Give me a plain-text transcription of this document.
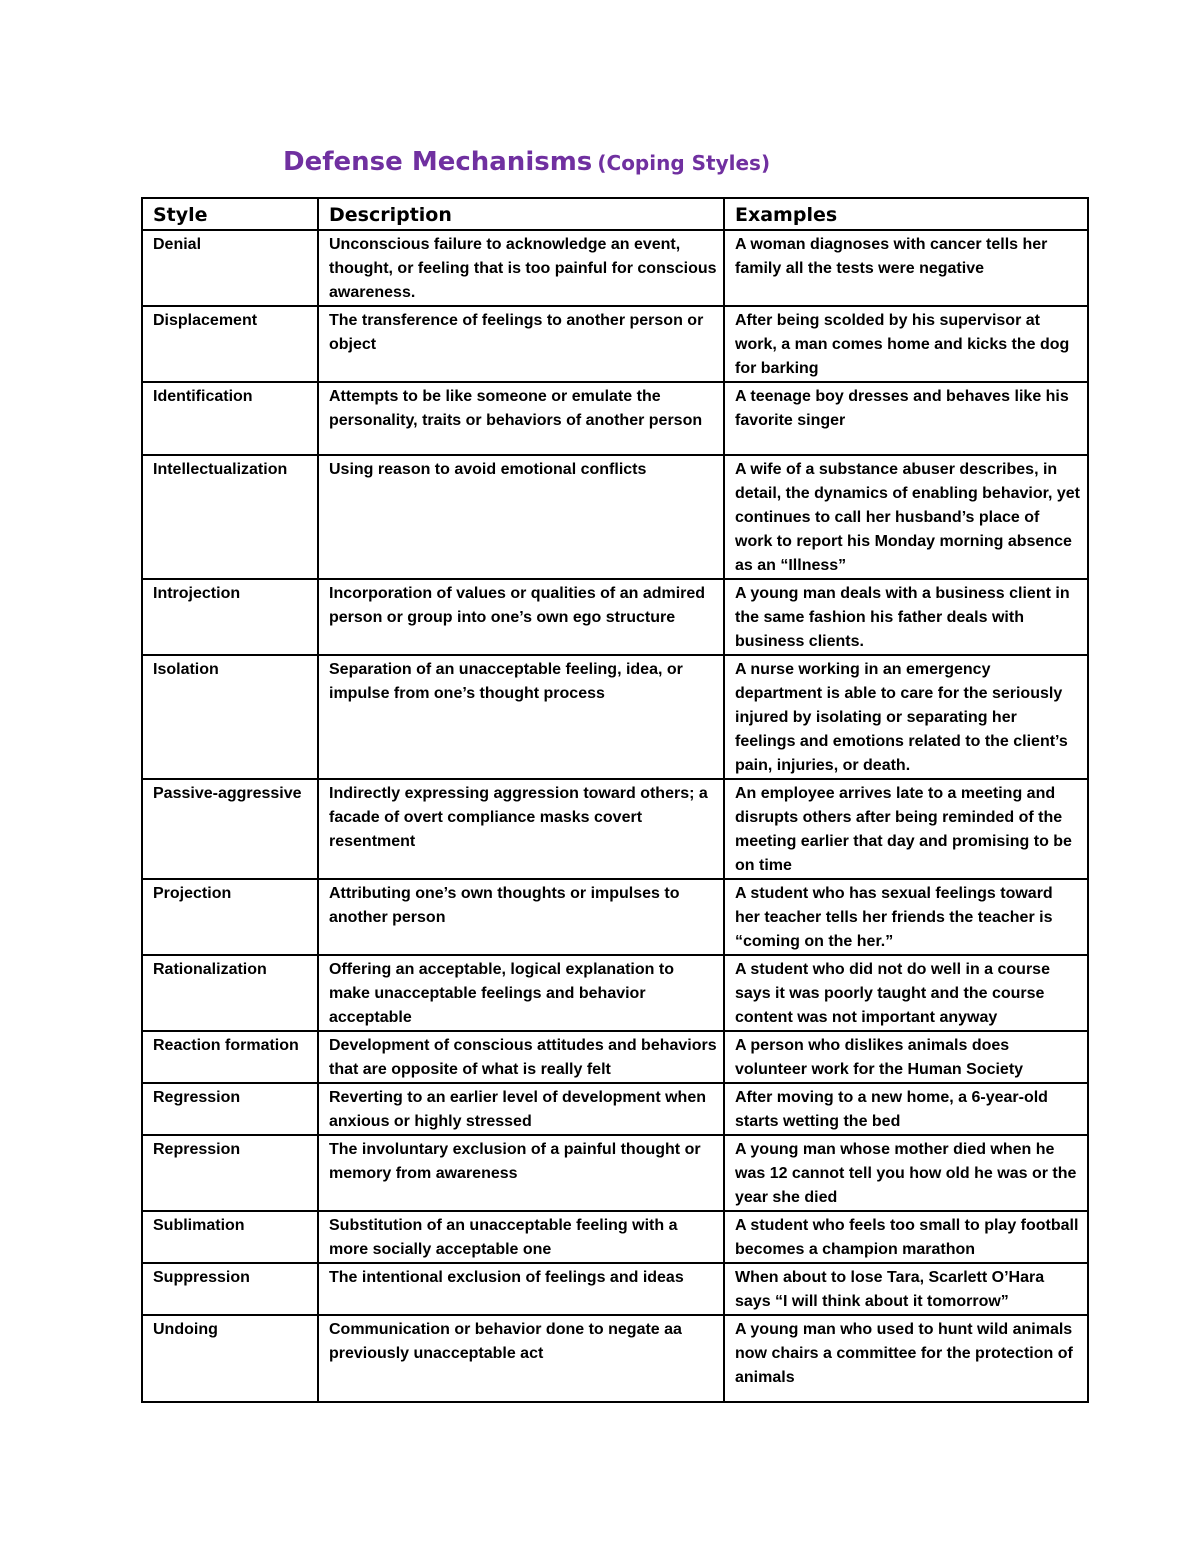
Defense Mechanisms (Coping Styles)
Style	Description	Examples
Denial	Unconscious failure to acknowledge an event, thought, or feeling that is too painful for conscious awareness.	A woman diagnoses with cancer tells her family all the tests were negative
Displacement	The transference of feelings to another person or object	After being scolded by his supervisor at work, a man comes home and kicks the dog for barking
Identification	Attempts to be like someone or emulate the personality, traits or behaviors of another person	A teenage boy dresses and behaves like his favorite singer
Intellectualization	Using reason to avoid emotional conflicts	A wife of a substance abuser describes, in detail, the dynamics of enabling behavior, yet continues to call her husband’s place of work to report his Monday morning absence as an “Illness”
Introjection	Incorporation of values or qualities of an admired person or group into one’s own ego structure	A young man deals with a business client in the same fashion his father deals with business clients.
Isolation	Separation of an unacceptable feeling, idea, or impulse from one’s thought process	A nurse working in an emergency department is able to care for the seriously injured by isolating or separating her feelings and emotions related to the client’s pain, injuries, or death.
Passive-aggressive	Indirectly expressing aggression toward others; a facade of overt compliance masks covert resentment	An employee arrives late to a meeting and disrupts others after being reminded of the meeting earlier that day and promising to be on time
Projection	Attributing one’s own thoughts or impulses to another person	A student who has sexual feelings toward her teacher tells her friends the teacher is “coming on the her.”
Rationalization	Offering an acceptable, logical explanation to make unacceptable feelings and behavior acceptable	A student who did not do well in a course says it was poorly taught and the course content was not important anyway
Reaction formation	Development of conscious attitudes and behaviors that are opposite of what is really felt	A person who dislikes animals does volunteer work for the Human Society
Regression	Reverting to an earlier level of development when anxious or highly stressed	After moving to a new home, a 6-year-old starts wetting the bed
Repression	The involuntary exclusion of a painful thought or memory from awareness	A young man whose mother died when he was 12 cannot tell you how old he was or the year she died
Sublimation	Substitution of an unacceptable feeling with a more socially acceptable one	A student who feels too small to play football becomes a champion marathon
Suppression	The intentional exclusion of feelings and ideas	When about to lose Tara, Scarlett O’Hara says “I will think about it tomorrow”
Undoing	Communication or behavior done to negate aa previously unacceptable act	A young man who used to hunt wild animals now chairs a committee for the protection of animals
